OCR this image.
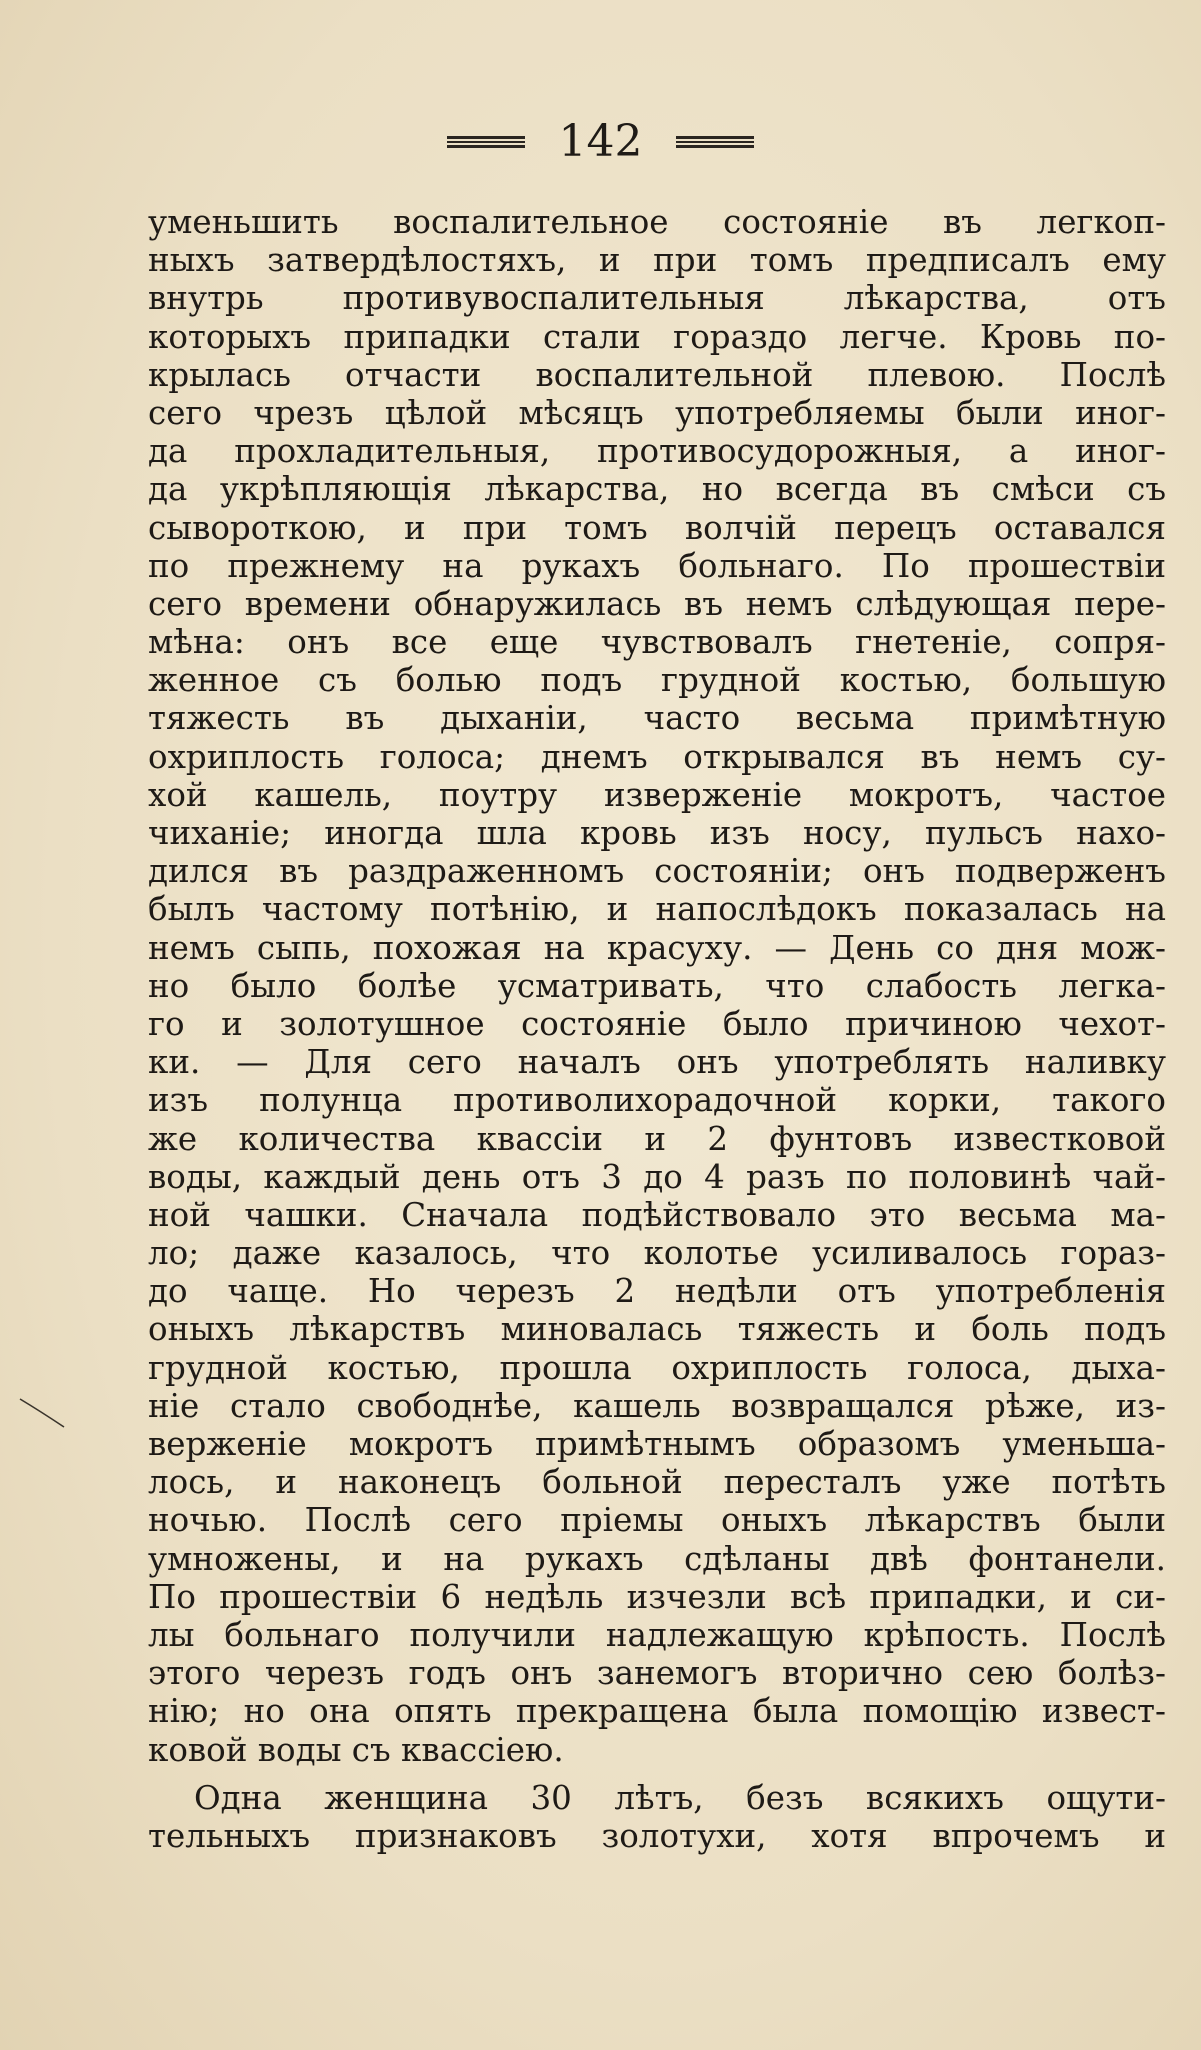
142
уменьшить воспалительное состояніе въ легкоп-
ныхъ затвердѣлостяхъ, и при томъ предписалъ ему
внутрь противувоспалительныя лѣкарства, отъ
которыхъ припадки стали гораздо легче. Кровь по-
крылась отчасти воспалительной плевою. Послѣ
сего чрезъ цѣлой мѣсяцъ употребляемы были иног-
да прохладительныя, противосудорожныя, а иног-
да укрѣпляющія лѣкарства, но всегда въ смѣси съ
сывороткою, и при томъ волчій перецъ оставался
по прежнему на рукахъ больнаго. По прошествіи
сего времени обнаружилась въ немъ слѣдующая пере-
мѣна: онъ все еще чувствовалъ гнетеніе, сопря-
женное съ болью подъ грудной костью, большую
тяжесть въ дыханіи, часто весьма примѣтную
охриплость голоса; днемъ открывался въ немъ су-
хой кашель, поутру изверженіе мокротъ, частое
чиханіе; иногда шла кровь изъ носу, пульсъ нахо-
дился въ раздраженномъ состояніи; онъ подверженъ
былъ частому потѣнію, и напослѣдокъ показалась на
немъ сыпь, похожая на красуху. — День со дня мож-
но было болѣе усматривать, что слабость легка-
го и золотушное состояніе было причиною чехот-
ки. — Для сего началъ онъ употреблять наливку
изъ полунца противолихорадочной корки, такого
же количества квассіи и 2 фунтовъ известковой
воды, каждый день отъ 3 до 4 разъ по половинѣ чай-
ной чашки. Сначала подѣйствовало это весьма ма-
ло; даже казалось, что колотье усиливалось горaз-
до чаще. Но черезъ 2 недѣли отъ употребленія
оныхъ лѣкарствъ миновалась тяжесть и боль подъ
грудной костью, прошла охриплость голоса, дыха-
ніе стало свободнѣе, кашель возвращался рѣже, из-
верженіе мокротъ примѣтнымъ образомъ уменьша-
лось, и наконецъ больной пересталъ уже потѣть
ночью. Послѣ сего пріемы оныхъ лѣкарствъ были
умножены, и на рукахъ сдѣланы двѣ фонтанели.
По прошествіи 6 недѣль изчезли всѣ припадки, и си-
лы больнаго получили надлежащую крѣпость. Послѣ
этого черезъ годъ онъ занемогъ вторично сею болѣз-
нію; но она опять прекращена была помощію извест-
ковой воды съ квассіею.
Одна женщина 30 лѣтъ, безъ всякихъ ощути-
тельныхъ признаковъ золотухи, хотя впрочемъ и
